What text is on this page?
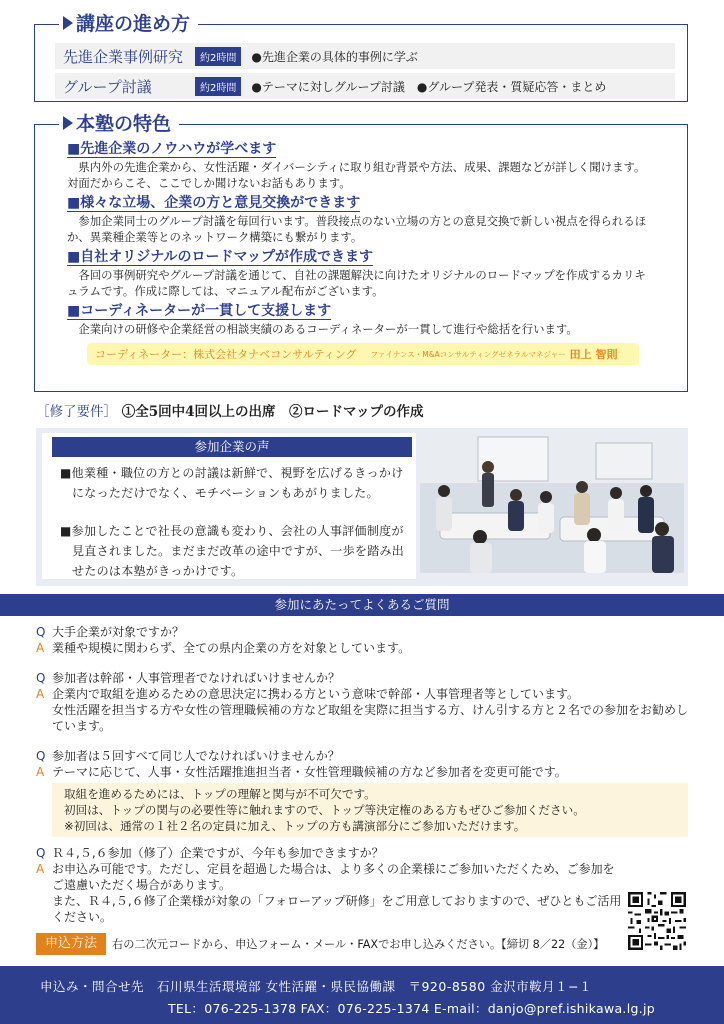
講座の進め方
先進企業事例研究	約2時間	●先進企業の具体的事例に学ぶ
グループ討議	約2時間	●テーマに対しグループ討議　●グループ発表・質疑応答・まとめ
本塾の特色
■先進企業のノウハウが学べます
県内外の先進企業から、女性活躍・ダイバーシティに取り組む背景や方法、成果、課題などが詳しく聞けます。対面だからこそ、ここでしか聞けないお話もあります。
■様々な立場、企業の方と意見交換ができます
参加企業同士のグループ討議を毎回行います。普段接点のない立場の方との意見交換で新しい視点を得られるほか、異業種企業等とのネットワーク構築にも繋がります。
■自社オリジナルのロードマップが作成できます
各回の事例研究やグループ討議を通じて、自社の課題解決に向けたオリジナルのロードマップを作成するカリキュラムです。作成に際しては、マニュアル配布がございます。
■コーディネーターが一貫して支援します
企業向けの研修や企業経営の相談実績のあるコーディネーターが一貫して進行や総括を行います。
コーディネーター：株式会社タナベコンサルティング ファイナンス・M&Aコンサルティングゼネラルマネジャー 田上 智則
［修了要件］ ①全5回中4回以上の出席　②ロードマップの作成
参加企業の声
■他業種・職位の方との討議は新鮮で、視野を広げるきっかけになっただけでなく、モチベーションもあがりました。
■参加したことで社長の意識も変わり、会社の人事評価制度が見直されました。まだまだ改革の途中ですが、一歩を踏み出せたのは本塾がきっかけです。
参加にあたってよくあるご質問
Q 大手企業が対象ですか？
A 業種や規模に関わらず、全ての県内企業の方を対象としています。
Q 参加者は幹部・人事管理者でなければいけませんか？
A 企業内で取組を進めるための意思決定に携わる方という意味で幹部・人事管理者等としています。
女性活躍を担当する方や女性の管理職候補の方など取組を実際に担当する方、けん引する方と２名での参加をお勧めしています。
Q 参加者は５回すべて同じ人でなければいけませんか？
A テーマに応じて、人事・女性活躍推進担当者・女性管理職候補の方など参加者を変更可能です。
取組を進めるためには、トップの理解と関与が不可欠です。
初回は、トップの関与の必要性等に触れますので、トップ等決定権のある方もぜひご参加ください。
※初回は、通常の１社２名の定員に加え、トップの方も講演部分にご参加いただけます。
Q Ｒ４,５,６参加（修了）企業ですが、今年も参加できますか？
A お申込み可能です。ただし、定員を超過した場合は、より多くの企業様にご参加いただくため、ご参加をご遠慮いただく場合があります。
また、Ｒ４,５,６修了企業様が対象の「フォローアップ研修」をご用意しておりますので、ぜひともご活用ください。
申込方法	右の二次元コードから、申込フォーム・メール・FAXでお申し込みください。【締切 8／22（金）】
申込み・問合せ先　石川県生活環境部 女性活躍・県民協働課　〒920-8580 金沢市鞍月１−１
TEL：076-225-1378 FAX：076-225-1374 E-mail：danjo@pref.ishikawa.lg.jp
